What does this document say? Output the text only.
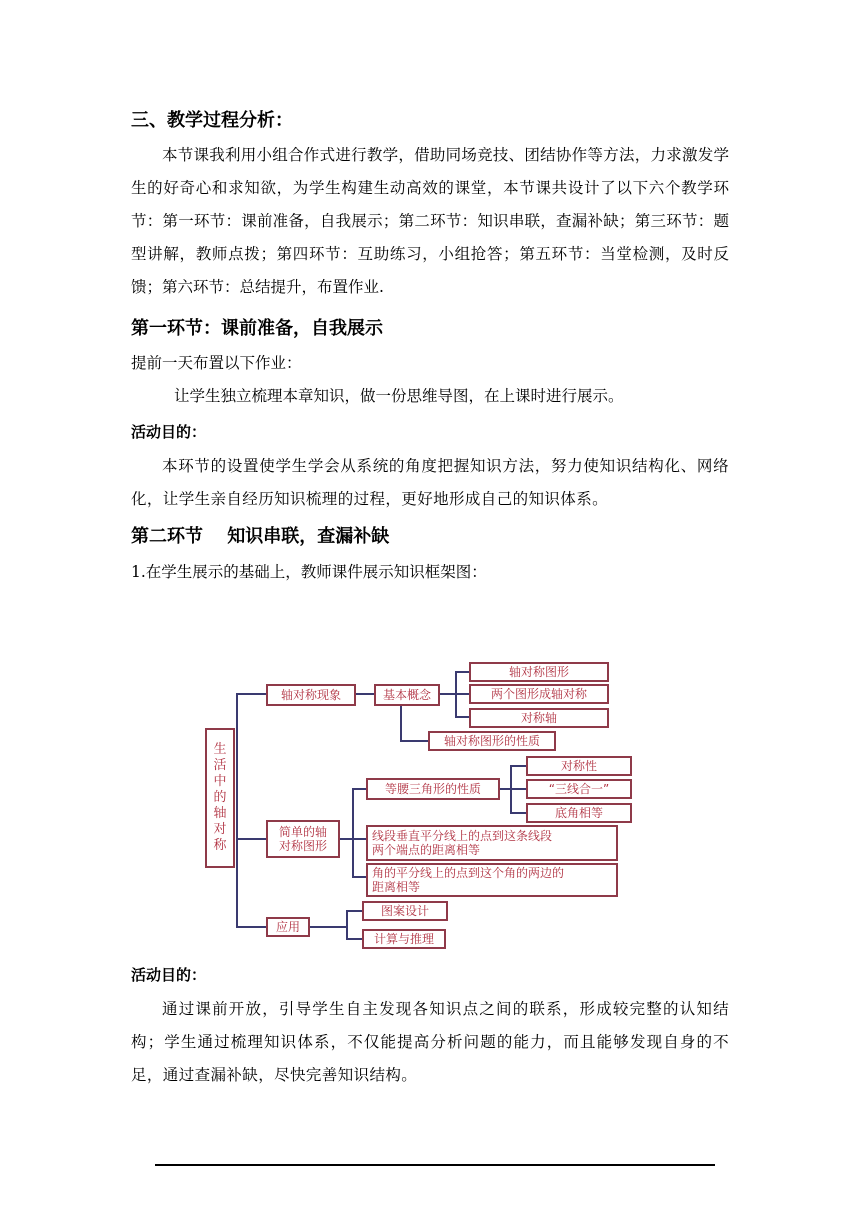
三、教学过程分析：
本节课我利用小组合作式进行教学，借助同场竞技、团结协作等方法，力求激发学生的好奇心和求知欲，为学生构建生动高效的课堂，本节课共设计了以下六个教学环节：第一环节：课前准备，自我展示；第二环节：知识串联，查漏补缺；第三环节：题型讲解，教师点拨；第四环节：互助练习，小组抢答；第五环节：当堂检测，及时反馈；第六环节：总结提升，布置作业.
第一环节：课前准备，自我展示
提前一天布置以下作业：
让学生独立梳理本章知识，做一份思维导图，在上课时进行展示。
活动目的：
本环节的设置使学生学会从系统的角度把握知识方法，努力使知识结构化、网络化，让学生亲自经历知识梳理的过程，更好地形成自己的知识体系。
第二环节　 知识串联，查漏补缺
1.在学生展示的基础上，教师课件展示知识框架图：
生
活
中
的
轴
对
称
轴对称现象	基本概念
轴对称图形
两个图形成轴对称
对称轴
轴对称图形的性质
简单的轴
对称图形
等腰三角形的性质
对称性
“三线合一”
底角相等
线段垂直平分线上的点到这条线段
两个端点的距离相等
角的平分线上的点到这个角的两边的
距离相等
应用
图案设计
计算与推理
活动目的：
通过课前开放，引导学生自主发现各知识点之间的联系，形成较完整的认知结构；学生通过梳理知识体系，不仅能提高分析问题的能力，而且能够发现自身的不足，通过查漏补缺，尽快完善知识结构。
